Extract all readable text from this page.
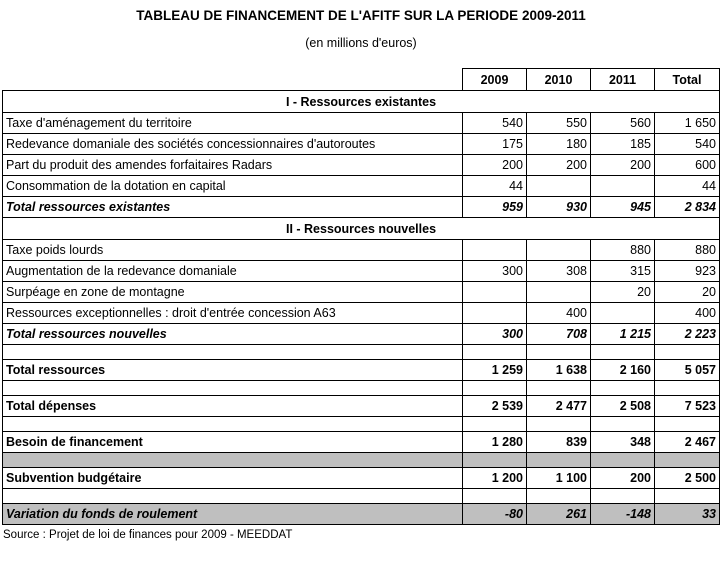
TABLEAU DE FINANCEMENT DE L'AFITF SUR LA PERIODE 2009-2011
(en millions d'euros)
	2009	2010	2011	Total
I - Ressources existantes				
Taxe d'aménagement du territoire	540	550	560	1 650
Redevance domaniale des sociétés concessionnaires d'autoroutes	175	180	185	540
Part du produit des amendes forfaitaires Radars	200	200	200	600
Consommation de la dotation en capital	44			44
Total ressources existantes	959	930	945	2 834
II - Ressources nouvelles				
Taxe poids lourds			880	880
Augmentation de la redevance domaniale	300	308	315	923
Surpéage en zone de montagne			20	20
Ressources exceptionnelles : droit d'entrée concession A63		400		400
Total ressources nouvelles	300	708	1 215	2 223

Total ressources	1 259	1 638	2 160	5 057

Total dépenses	2 539	2 477	2 508	7 523

Besoin de financement	1 280	839	348	2 467

Subvention budgétaire	1 200	1 100	200	2 500

Variation du fonds de roulement	-80	261	-148	33
Source : Projet de loi de finances pour 2009 - MEEDDAT
